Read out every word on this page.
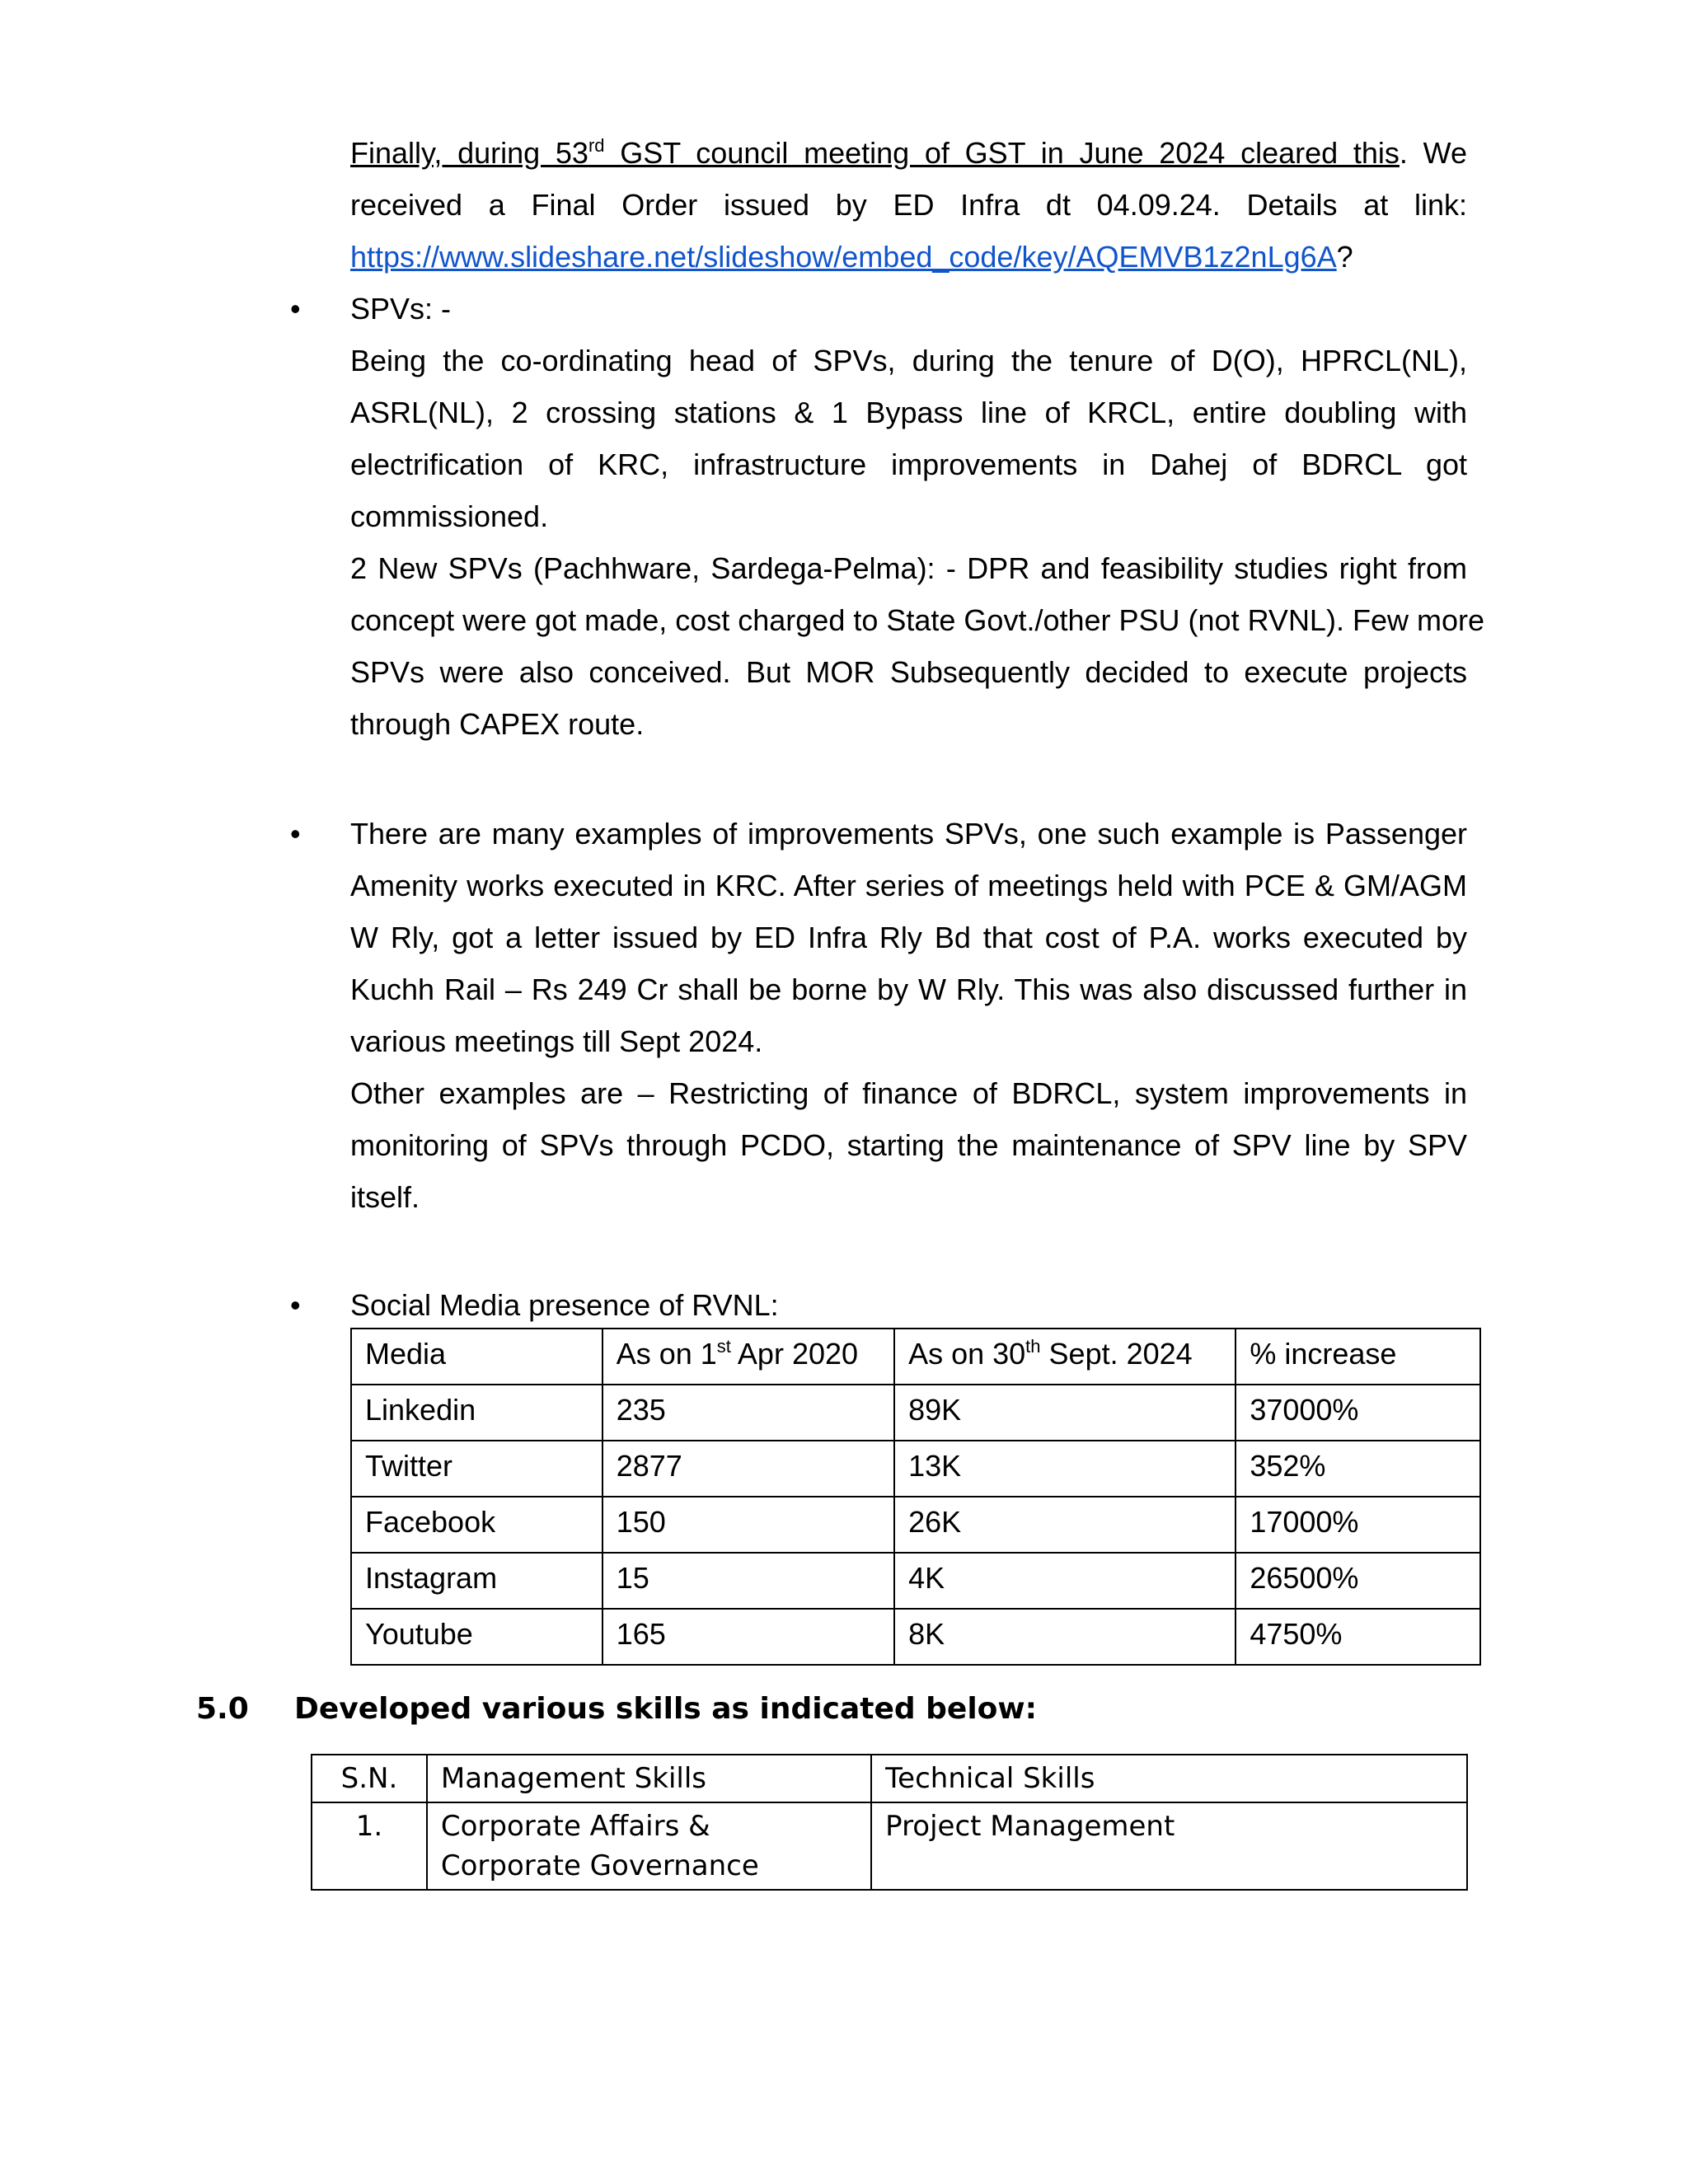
Finally, during 53rd GST council meeting of GST in June 2024 cleared this. We
received a Final Order issued by ED Infra dt 04.09.24. Details at link:
https://www.slideshare.net/slideshow/embed_code/key/AQEMVB1z2nLg6A?
• SPVs: -
Being the co-ordinating head of SPVs, during the tenure of D(O), HPRCL(NL),
ASRL(NL), 2 crossing stations & 1 Bypass line of KRCL, entire doubling with
electrification of KRC, infrastructure improvements in Dahej of BDRCL got
commissioned.
2 New SPVs (Pachhware, Sardega-Pelma): - DPR and feasibility studies right from
concept were got made, cost charged to State Govt./other PSU (not RVNL). Few more
SPVs were also conceived. But MOR Subsequently decided to execute projects
through CAPEX route.
• There are many examples of improvements SPVs, one such example is Passenger
Amenity works executed in KRC. After series of meetings held with PCE & GM/AGM
W Rly, got a letter issued by ED Infra Rly Bd that cost of P.A. works executed by
Kuchh Rail – Rs 249 Cr shall be borne by W Rly. This was also discussed further in
various meetings till Sept 2024.
Other examples are – Restricting of finance of BDRCL, system improvements in
monitoring of SPVs through PCDO, starting the maintenance of SPV line by SPV
itself.
• Social Media presence of RVNL:
Media	As on 1st Apr 2020	As on 30th Sept. 2024	% increase
Linkedin	235	89K	37000%
Twitter	2877	13K	352%
Facebook	150	26K	17000%
Instagram	15	4K	26500%
Youtube	165	8K	4750%
5.0 Developed various skills as indicated below:
S.N.	Management Skills	Technical Skills
1.	Corporate Affairs & Corporate Governance	Project Management
